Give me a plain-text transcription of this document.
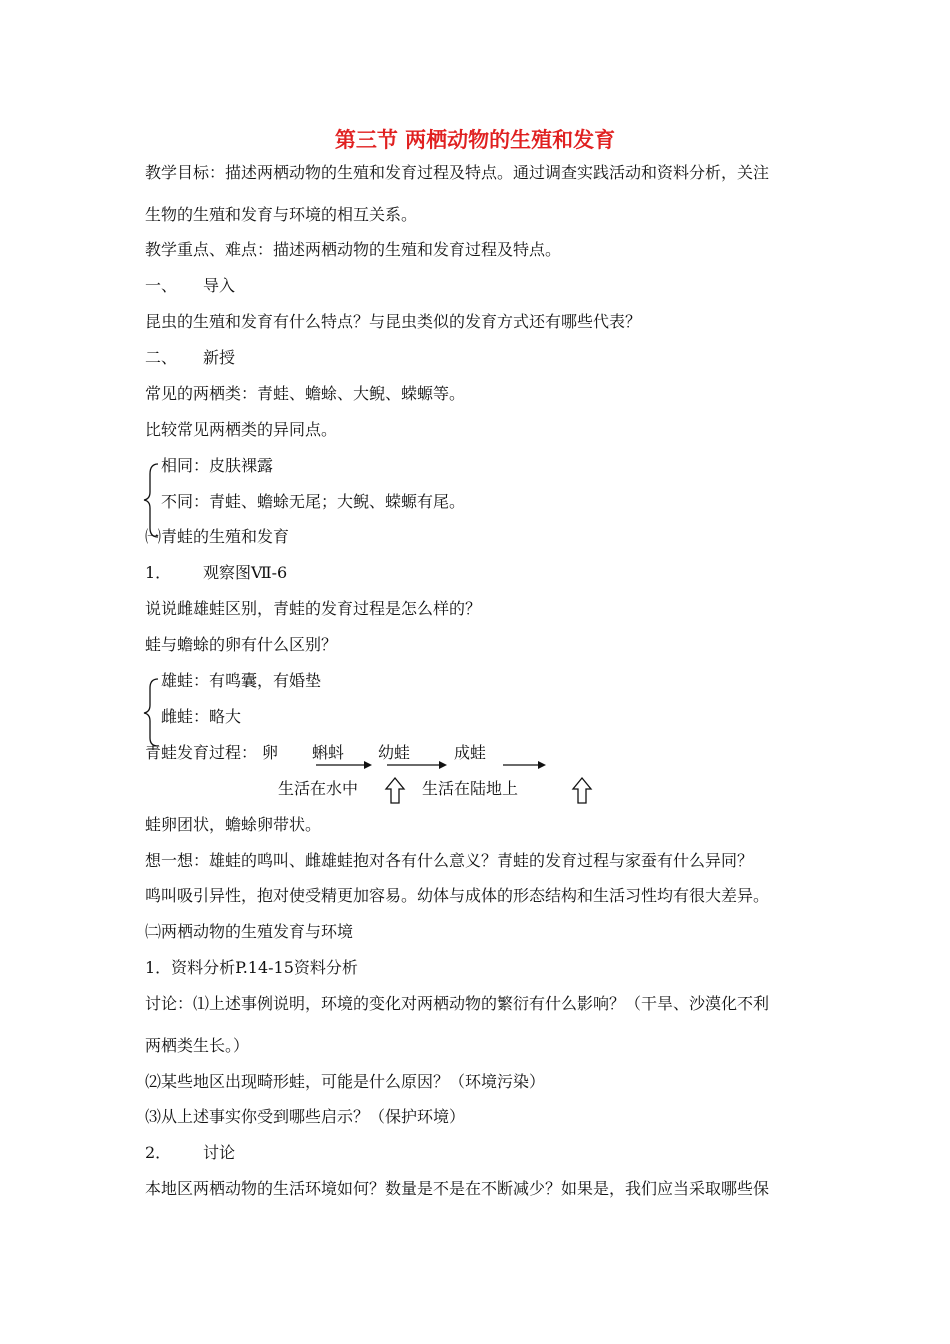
第三节 两栖动物的生殖和发育
教学目标：描述两栖动物的生殖和发育过程及特点。通过调查实践活动和资料分析，关注
生物的生殖和发育与环境的相互关系。
教学重点、难点：描述两栖动物的生殖和发育过程及特点。
一、 导入
昆虫的生殖和发育有什么特点？与昆虫类似的发育方式还有哪些代表？
二、 新授
常见的两栖类：青蛙、蟾蜍、大鲵、蝾螈等。
比较常见两栖类的异同点。
相同：皮肤裸露
不同：青蛙、蟾蜍无尾；大鲵、蝾螈有尾。
㈠青蛙的生殖和发育
1． 观察图Ⅶ-6
说说雌雄蛙区别，青蛙的发育过程是怎么样的？
蛙与蟾蜍的卵有什么区别？
雄蛙：有鸣囊，有婚垫
雌蛙：略大
青蛙发育过程： 卵 蝌蚪 幼蛙	成蛙
生活在水中	生活在陆地上
蛙卵团状，蟾蜍卵带状。
想一想：雄蛙的鸣叫、雌雄蛙抱对各有什么意义？青蛙的发育过程与家蚕有什么异同？
鸣叫吸引异性，抱对使受精更加容易。幼体与成体的形态结构和生活习性均有很大差异。
㈡两栖动物的生殖发育与环境
1．资料分析P.14-15资料分析
讨论：⑴上述事例说明，环境的变化对两栖动物的繁衍有什么影响？（干旱、沙漠化不利
两栖类生长。）
⑵某些地区出现畸形蛙，可能是什么原因？（环境污染）
⑶从上述事实你受到哪些启示？（保护环境）
2． 讨论
本地区两栖动物的生活环境如何？数量是不是在不断减少？如果是，我们应当采取哪些保
